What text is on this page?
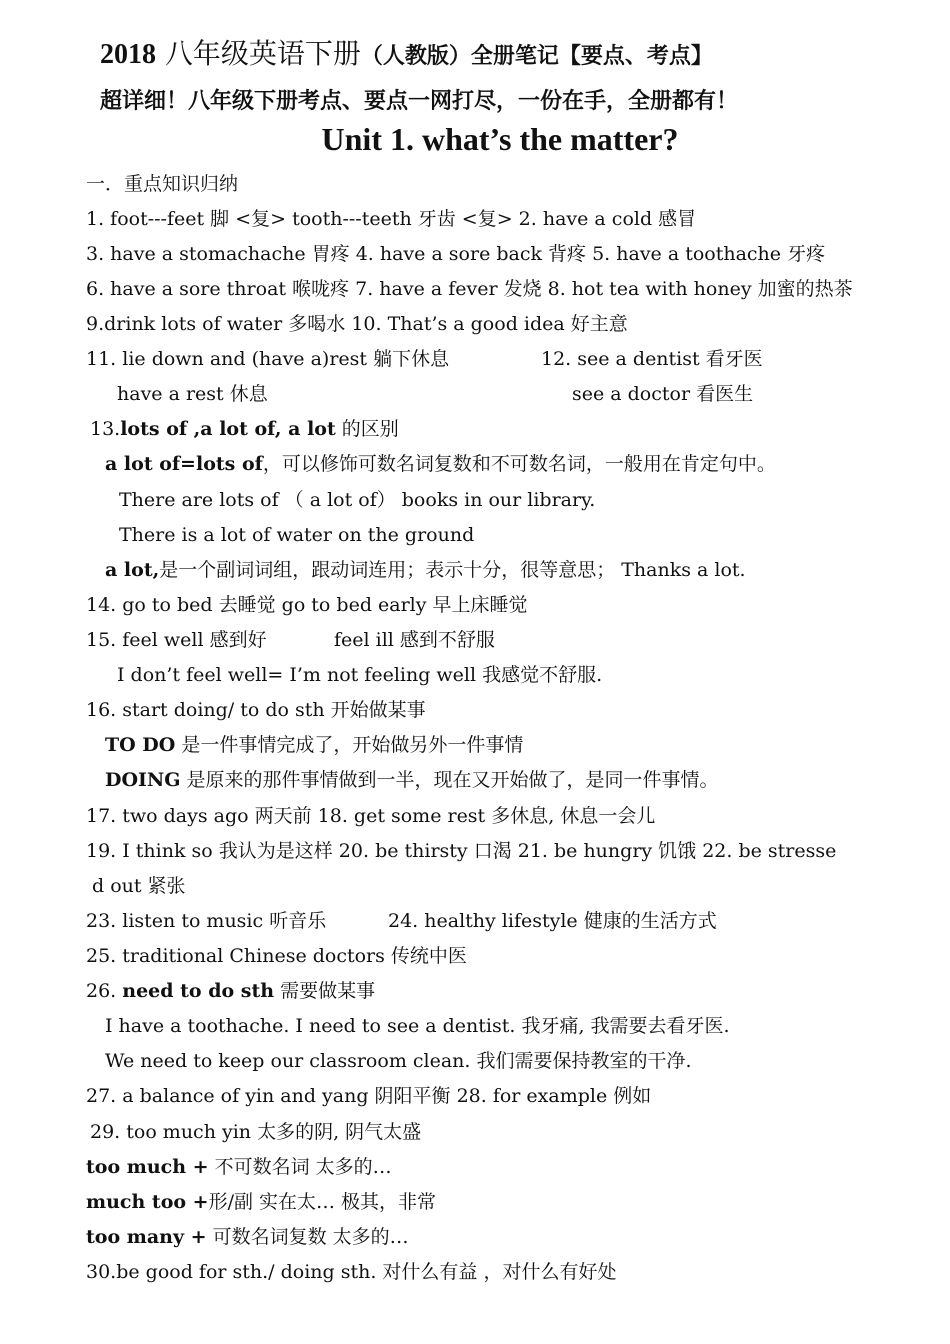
2018 八年级英语下册（人教版）全册笔记【要点、考点】
超详细！八年级下册考点、要点一网打尽，一份在手，全册都有！
Unit 1. what’s the matter?
一．重点知识归纳
1. foot---feet 脚 <复> tooth---teeth 牙齿 <复> 2. have a cold 感冒
3. have a stomachache 胃疼 4. have a sore back 背疼 5. have a toothache 牙疼
6. have a sore throat 喉咙疼 7. have a fever 发烧 8. hot tea with honey 加蜜的热茶
9.drink lots of water 多喝水 10. That’s a good idea 好主意
11. lie down and (have a)rest 躺下休息	12. see a dentist 看牙医
have a rest 休息	see a doctor 看医生
13.lots of ,a lot of, a lot 的区别
a lot of=lots of，可以修饰可数名词复数和不可数名词，一般用在肯定句中。
There are lots of （ a lot of） books in our library.
There is a lot of water on the ground
a lot,是一个副词词组，跟动词连用；表示十分，很等意思； Thanks a lot.
14. go to bed 去睡觉 go to bed early 早上床睡觉
15. feel well 感到好	feel ill 感到不舒服
I don’t feel well= I’m not feeling well 我感觉不舒服.
16. start doing/ to do sth 开始做某事
TO DO 是一件事情完成了，开始做另外一件事情
DOING 是原来的那件事情做到一半，现在又开始做了，是同一件事情。
17. two days ago 两天前 18. get some rest 多休息, 休息一会儿
19. I think so 我认为是这样 20. be thirsty 口渴 21. be hungry 饥饿 22. be stresse
d out 紧张
23. listen to music 听音乐	24. healthy lifestyle 健康的生活方式
25. traditional Chinese doctors 传统中医
26. need to do sth 需要做某事
I have a toothache. I need to see a dentist. 我牙痛, 我需要去看牙医.
We need to keep our classroom clean. 我们需要保持教室的干净.
27. a balance of yin and yang 阴阳平衡 28. for example 例如
29. too much yin 太多的阴, 阴气太盛
too much + 不可数名词 太多的…
much too +形/副 实在太… 极其，非常
too many + 可数名词复数 太多的…
30.be good for sth./ doing sth. 对什么有益 ，对什么有好处
